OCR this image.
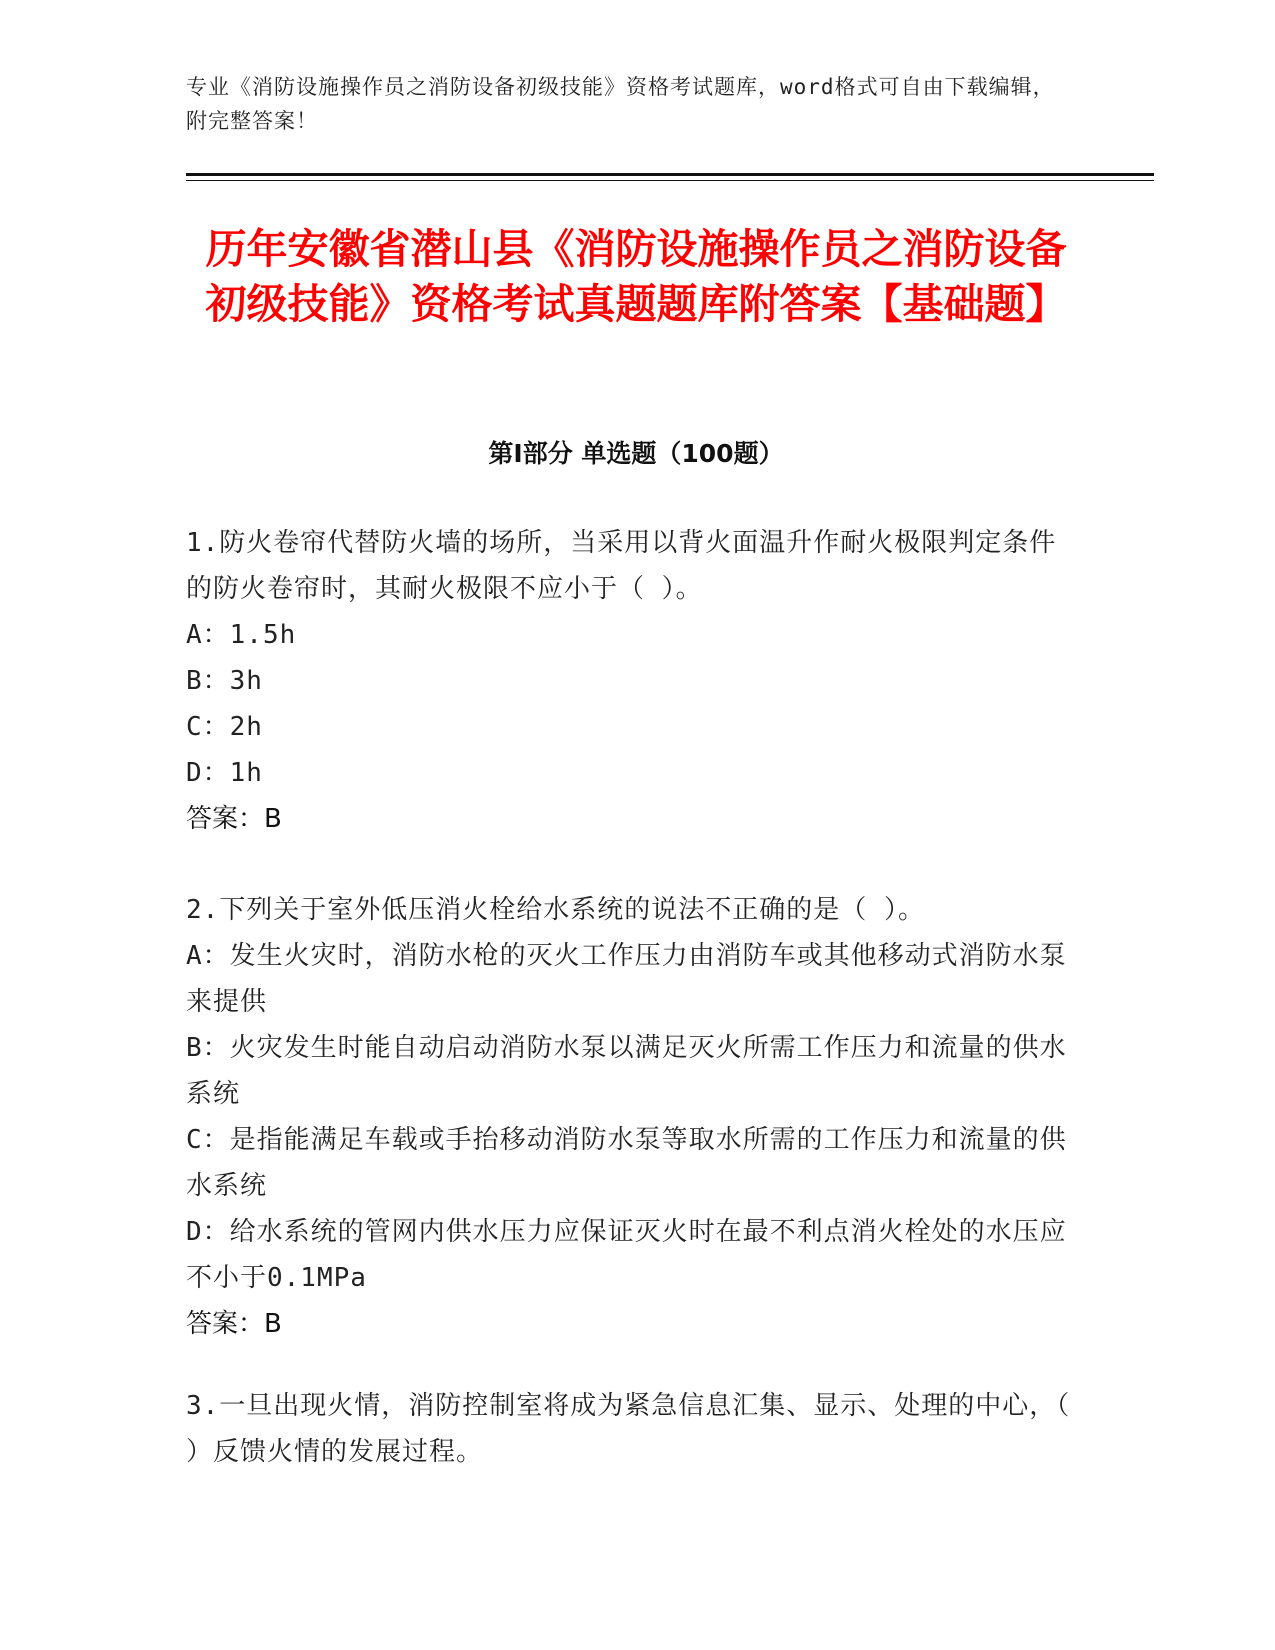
专业《消防设施操作员之消防设备初级技能》资格考试题库，word格式可自由下载编辑，附完整答案！
历年安徽省潜山县《消防设施操作员之消防设备初级技能》资格考试真题题库附答案【基础题】
第Ⅰ部分 单选题（100题）
1.防火卷帘代替防火墙的场所，当采用以背火面温升作耐火极限判定条件的防火卷帘时，其耐火极限不应小于（ ）。
A：1.5h
B：3h
C：2h
D：1h
答案：B
2.下列关于室外低压消火栓给水系统的说法不正确的是（ ）。
A：发生火灾时，消防水枪的灭火工作压力由消防车或其他移动式消防水泵来提供
B：火灾发生时能自动启动消防水泵以满足灭火所需工作压力和流量的供水系统
C：是指能满足车载或手抬移动消防水泵等取水所需的工作压力和流量的供水系统
D：给水系统的管网内供水压力应保证灭火时在最不利点消火栓处的水压应不小于0.1MPa
答案：B
3.一旦出现火情，消防控制室将成为紧急信息汇集、显示、处理的中心，（ ）反馈火情的发展过程。
